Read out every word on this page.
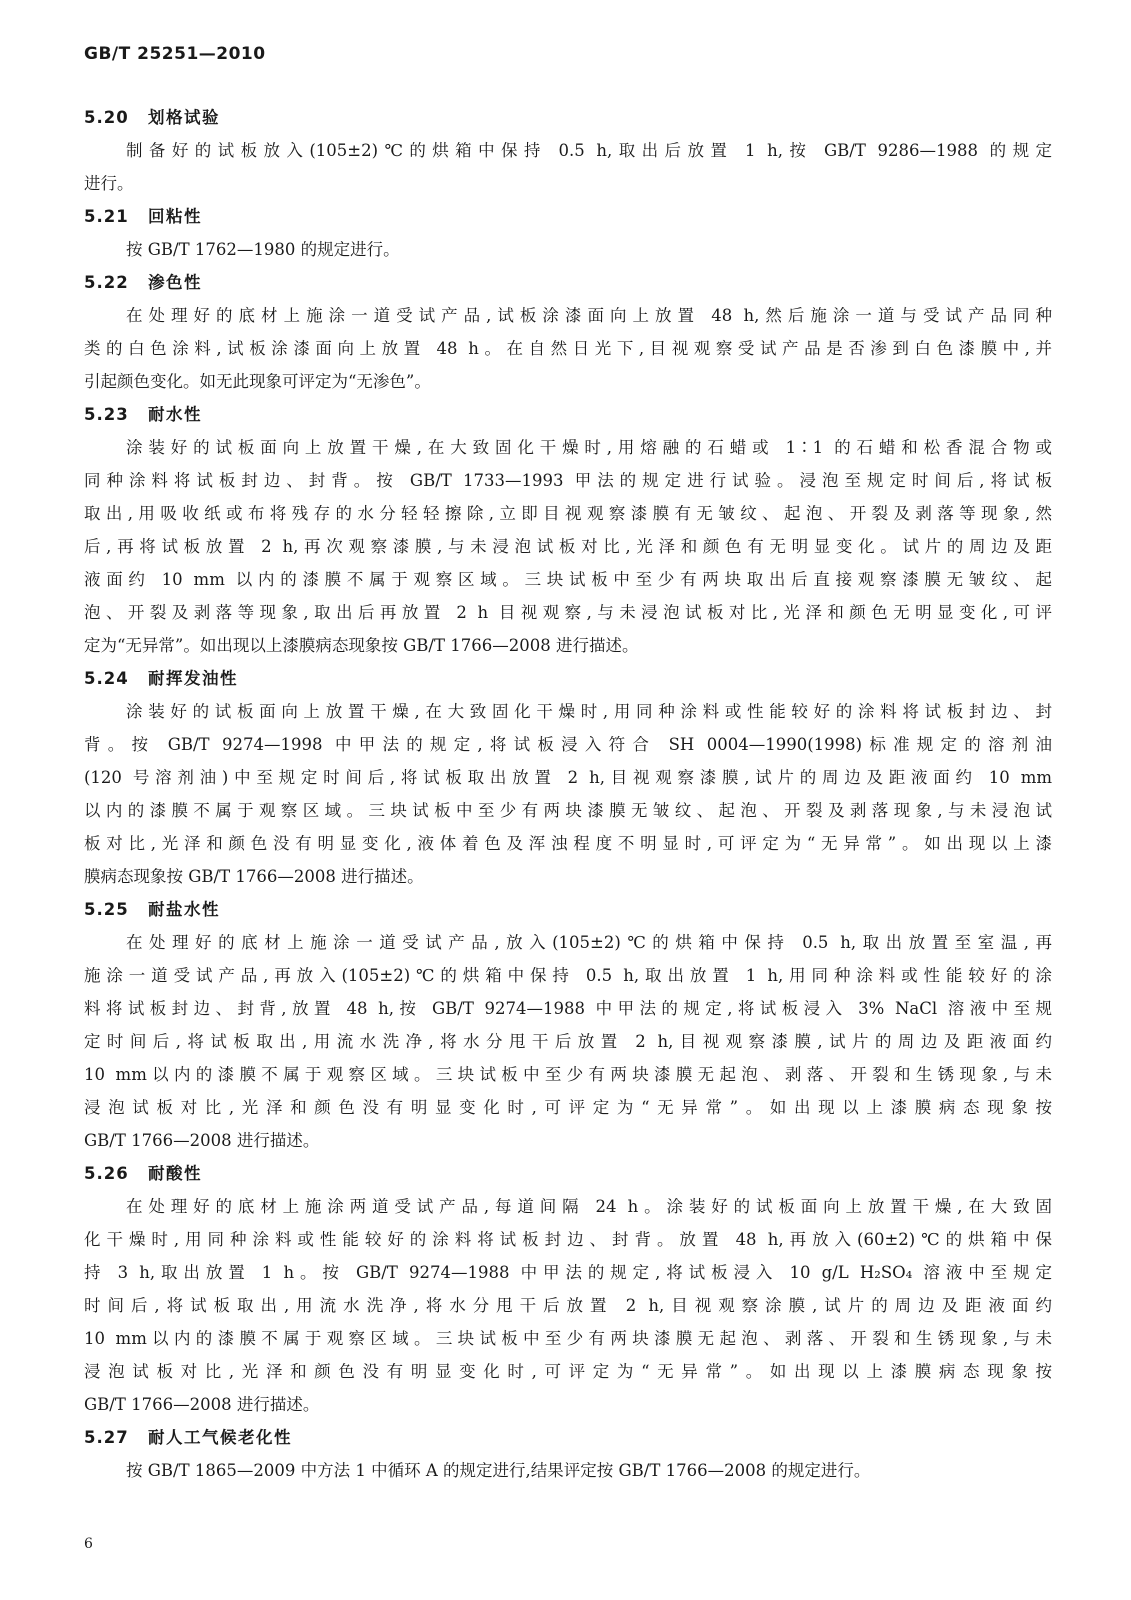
GB/T 25251—2010
5.20 划格试验
制备好的试板放入(105±2)℃的烘箱中保持 0.5 h,取出后放置 1 h,按 GB/T 9286—1988 的规定
进行。
5.21 回粘性
按 GB/T 1762—1980 的规定进行。
5.22 渗色性
在处理好的底材上施涂一道受试产品,试板涂漆面向上放置 48 h,然后施涂一道与受试产品同种
类的白色涂料,试板涂漆面向上放置 48 h。在自然日光下,目视观察受试产品是否渗到白色漆膜中,并
引起颜色变化。如无此现象可评定为“无渗色”。
5.23 耐水性
涂装好的试板面向上放置干燥,在大致固化干燥时,用熔融的石蜡或 1∶1 的石蜡和松香混合物或
同种涂料将试板封边、封背。按 GB/T 1733—1993 甲法的规定进行试验。浸泡至规定时间后,将试板
取出,用吸收纸或布将残存的水分轻轻擦除,立即目视观察漆膜有无皱纹、起泡、开裂及剥落等现象,然
后,再将试板放置 2 h,再次观察漆膜,与未浸泡试板对比,光泽和颜色有无明显变化。试片的周边及距
液面约 10 mm 以内的漆膜不属于观察区域。三块试板中至少有两块取出后直接观察漆膜无皱纹、起
泡、开裂及剥落等现象,取出后再放置 2 h 目视观察,与未浸泡试板对比,光泽和颜色无明显变化,可评
定为“无异常”。如出现以上漆膜病态现象按 GB/T 1766—2008 进行描述。
5.24 耐挥发油性
涂装好的试板面向上放置干燥,在大致固化干燥时,用同种涂料或性能较好的涂料将试板封边、封
背。按 GB/T 9274—1998 中甲法的规定,将试板浸入符合 SH 0004—1990(1998)标准规定的溶剂油
(120 号溶剂油)中至规定时间后,将试板取出放置 2 h,目视观察漆膜,试片的周边及距液面约 10 mm
以内的漆膜不属于观察区域。三块试板中至少有两块漆膜无皱纹、起泡、开裂及剥落现象,与未浸泡试
板对比,光泽和颜色没有明显变化,液体着色及浑浊程度不明显时,可评定为“无异常”。如出现以上漆
膜病态现象按 GB/T 1766—2008 进行描述。
5.25 耐盐水性
在处理好的底材上施涂一道受试产品,放入(105±2)℃的烘箱中保持 0.5 h,取出放置至室温,再
施涂一道受试产品,再放入(105±2)℃的烘箱中保持 0.5 h,取出放置 1 h,用同种涂料或性能较好的涂
料将试板封边、封背,放置 48 h,按 GB/T 9274—1988 中甲法的规定,将试板浸入 3% NaCl 溶液中至规
定时间后,将试板取出,用流水洗净,将水分甩干后放置 2 h,目视观察漆膜,试片的周边及距液面约
10 mm以内的漆膜不属于观察区域。三块试板中至少有两块漆膜无起泡、剥落、开裂和生锈现象,与未
浸泡试板对比,光泽和颜色没有明显变化时,可评定为“无异常”。如出现以上漆膜病态现象按
GB/T 1766—2008 进行描述。
5.26 耐酸性
在处理好的底材上施涂两道受试产品,每道间隔 24 h。涂装好的试板面向上放置干燥,在大致固
化干燥时,用同种涂料或性能较好的涂料将试板封边、封背。放置 48 h,再放入(60±2)℃的烘箱中保
持 3 h,取出放置 1 h。按 GB/T 9274—1988 中甲法的规定,将试板浸入 10 g/L H₂SO₄ 溶液中至规定
时间后,将试板取出,用流水洗净,将水分甩干后放置 2 h,目视观察涂膜,试片的周边及距液面约
10 mm以内的漆膜不属于观察区域。三块试板中至少有两块漆膜无起泡、剥落、开裂和生锈现象,与未
浸泡试板对比,光泽和颜色没有明显变化时,可评定为“无异常”。如出现以上漆膜病态现象按
GB/T 1766—2008 进行描述。
5.27 耐人工气候老化性
按 GB/T 1865—2009 中方法 1 中循环 A 的规定进行,结果评定按 GB/T 1766—2008 的规定进行。
6
